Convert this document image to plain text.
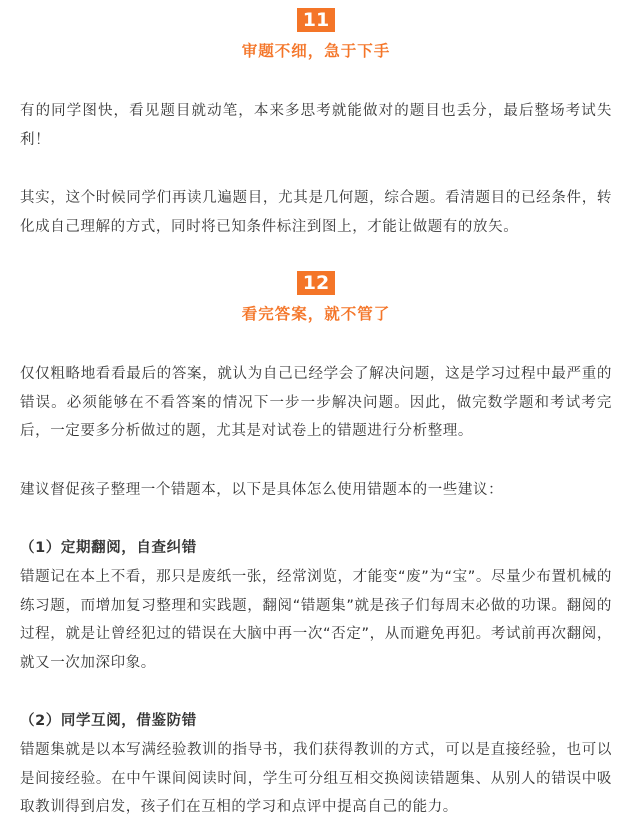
11
审题不细，急于下手

有的同学图快，看见题目就动笔，本来多思考就能做对的题目也丢分，最后整场考试失利！

其实，这个时候同学们再读几遍题目，尤其是几何题，综合题。看清题目的已经条件，转化成自己理解的方式，同时将已知条件标注到图上，才能让做题有的放矢。

12
看完答案，就不管了

仅仅粗略地看看最后的答案，就认为自己已经学会了解决问题，这是学习过程中最严重的错误。必须能够在不看答案的情况下一步一步解决问题。因此，做完数学题和考试考完后，一定要多分析做过的题，尤其是对试卷上的错题进行分析整理。

建议督促孩子整理一个错题本，以下是具体怎么使用错题本的一些建议：

（1）定期翻阅，自查纠错

错题记在本上不看，那只是废纸一张，经常浏览，才能变“废”为“宝”。尽量少布置机械的练习题，而增加复习整理和实践题，翻阅“错题集”就是孩子们每周末必做的功课。翻阅的过程，就是让曾经犯过的错误在大脑中再一次“否定”，从而避免再犯。考试前再次翻阅，就又一次加深印象。

（2）同学互阅，借鉴防错

错题集就是以本写满经验教训的指导书，我们获得教训的方式，可以是直接经验，也可以是间接经验。在中午课间阅读时间，学生可分组互相交换阅读错题集、从别人的错误中吸取教训得到启发，孩子们在互相的学习和点评中提高自己的能力。
